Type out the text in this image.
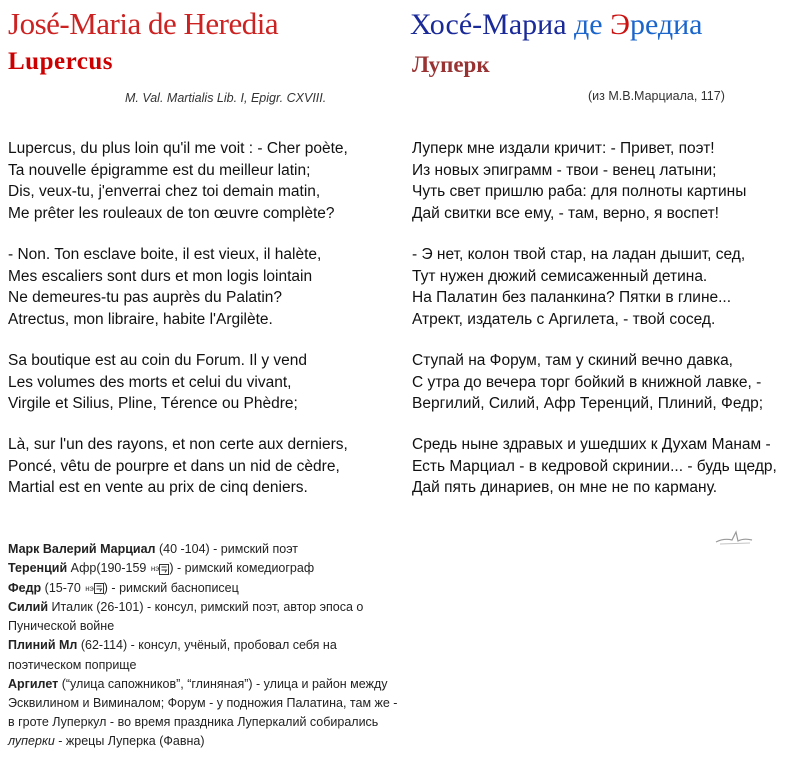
José-Maria de Heredia	Хосé-Мариа де Эредиа
Lupercus	Луперк
M. Val. Martialis Lib. I, Epigr. CXVIII.	(из М.В.Марциала, 117)
Lupercus, du plus loin qu'il me voit : - Cher poète,
Ta nouvelle épigramme est du meilleur latin;
Dis, veux-tu, j'enverrai chez toi demain matin,
Me prêter les rouleaux de ton œuvre complète?
- Non. Ton esclave boite, il est vieux, il halète,
Mes escaliers sont durs et mon logis lointain
Ne demeures-tu pas auprès du Palatin?
Atrectus, mon libraire, habite l'Argilète.
Sa boutique est au coin du Forum. Il y vend
Les volumes des morts et celui du vivant,
Virgile et Silius, Pline, Térence ou Phèdre;
Là, sur l'un des rayons, et non certe aux derniers,
Poncé, vêtu de pourpre et dans un nid de cèdre,
Martial est en vente au prix de cinq deniers.
Луперк мне издали кричит: - Привет, поэт!
Из новых эпиграмм - твои - венец латыни;
Чуть свет пришлю раба: для полноты картины
Дай свитки все ему, - там, верно, я воспет!
- Э нет, колон твой стар, на ладан дышит, сед,
Тут нужен дюжий семисаженный детина.
На Палатин без паланкина? Пятки в глине...
Атрект, издатель с Аргилета, - твой сосед.
Ступай на Форум, там у скиний вечно давка,
С утра до вечера торг бойкий в книжной лавке, -
Вергилий, Силий, Афр Теренций, Плиний, Федр;
Средь ныне здравых и ушедших к Духам Манам -
Есть Марциал - в кедровой скринии... - будь щедр,
Дай пять динариев, он мне не по карману.
Марк Валерий Марциал (40 -104) - римский поэт
Теренций Афр(190-159 нэ ) - римский комедиограф
Федр (15-70 нэ ) - римский баснописец
Силий Италик (26-101) - консул, римский поэт, автор эпоса о
Пунической войне
Плиний Мл (62-114) - консул, учёный, пробовал себя на
поэтическом поприще
Аргилет (“улица сапожников”, “глиняная”) - улица и район между
Эсквилином и Виминалом; Форум - у подножия Палатина, там же -
в гроте Луперкул - во время праздника Луперкалий собирались
луперки - жрецы Луперка (Фавна)
